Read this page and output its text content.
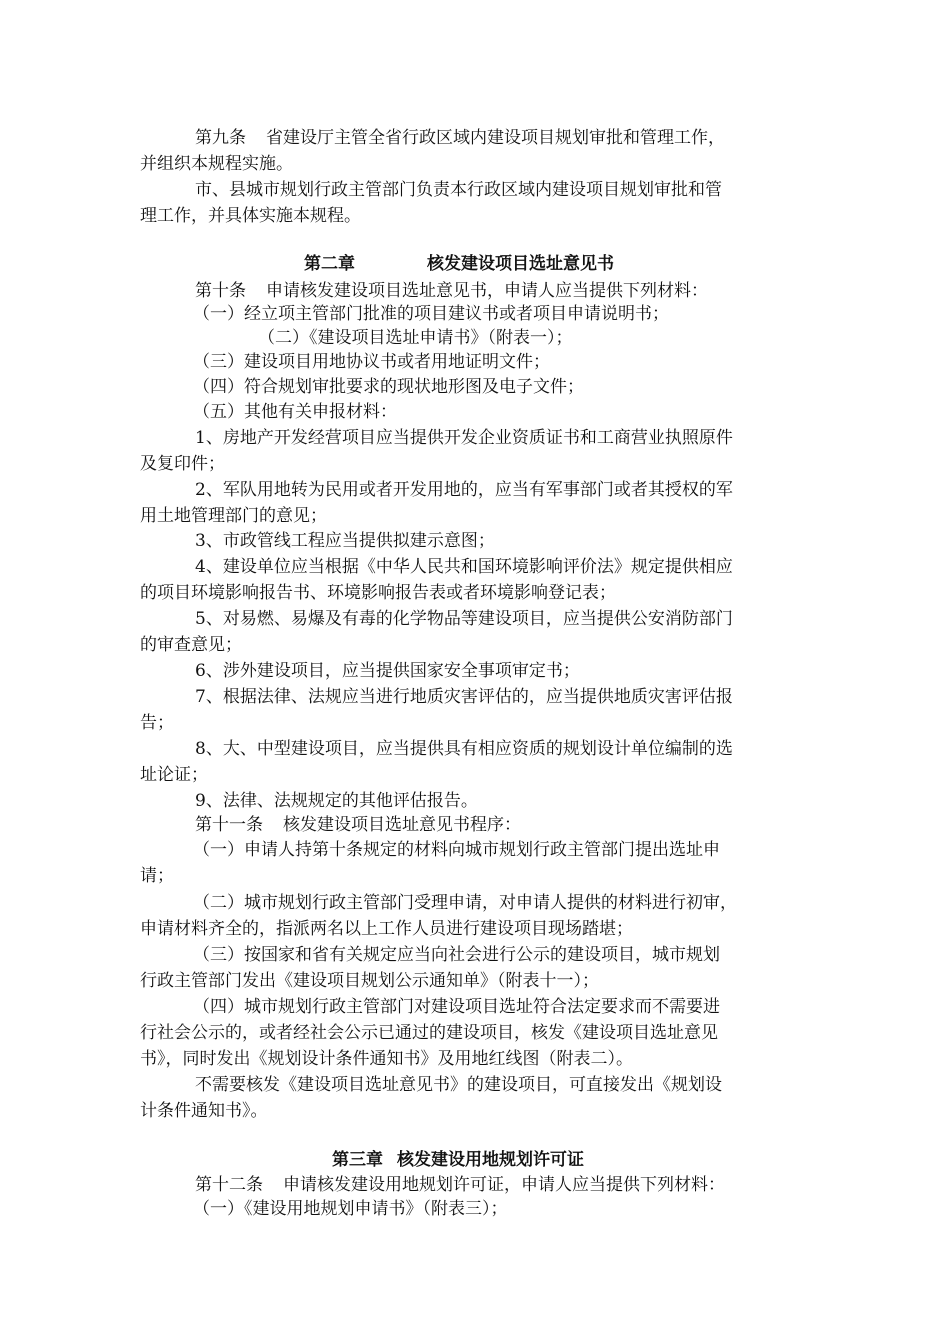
第九条 省建设厅主管全省行政区域内建设项目规划审批和管理工作，
并组织本规程实施。
市、县城市规划行政主管部门负责本行政区域内建设项目规划审批和管
理工作，并具体实施本规程。
第二章	核发建设项目选址意见书
第十条 申请核发建设项目选址意见书，申请人应当提供下列材料：
（一）经立项主管部门批准的项目建议书或者项目申请说明书；
（二）《建设项目选址申请书》（附表一）；
（三）建设项目用地协议书或者用地证明文件；
（四）符合规划审批要求的现状地形图及电子文件；
（五）其他有关申报材料：
1、房地产开发经营项目应当提供开发企业资质证书和工商营业执照原件
及复印件；
2、军队用地转为民用或者开发用地的，应当有军事部门或者其授权的军
用土地管理部门的意见；
3、市政管线工程应当提供拟建示意图；
4、建设单位应当根据《中华人民共和国环境影响评价法》规定提供相应
的项目环境影响报告书、环境影响报告表或者环境影响登记表；
5、对易燃、易爆及有毒的化学物品等建设项目，应当提供公安消防部门
的审查意见；
6、涉外建设项目，应当提供国家安全事项审定书；
7、根据法律、法规应当进行地质灾害评估的，应当提供地质灾害评估报
告；
8、大、中型建设项目，应当提供具有相应资质的规划设计单位编制的选
址论证；
9、法律、法规规定的其他评估报告。
第十一条 核发建设项目选址意见书程序：
（一）申请人持第十条规定的材料向城市规划行政主管部门提出选址申
请；
（二）城市规划行政主管部门受理申请，对申请人提供的材料进行初审，
申请材料齐全的，指派两名以上工作人员进行建设项目现场踏堪；
（三）按国家和省有关规定应当向社会进行公示的建设项目，城市规划
行政主管部门发出《建设项目规划公示通知单》（附表十一）；
（四）城市规划行政主管部门对建设项目选址符合法定要求而不需要进
行社会公示的，或者经社会公示已通过的建设项目，核发《建设项目选址意见
书》，同时发出《规划设计条件通知书》及用地红线图（附表二）。
不需要核发《建设项目选址意见书》的建设项目，可直接发出《规划设
计条件通知书》。
第三章 核发建设用地规划许可证
第十二条 申请核发建设用地规划许可证，申请人应当提供下列材料：
（一）《建设用地规划申请书》（附表三）；
